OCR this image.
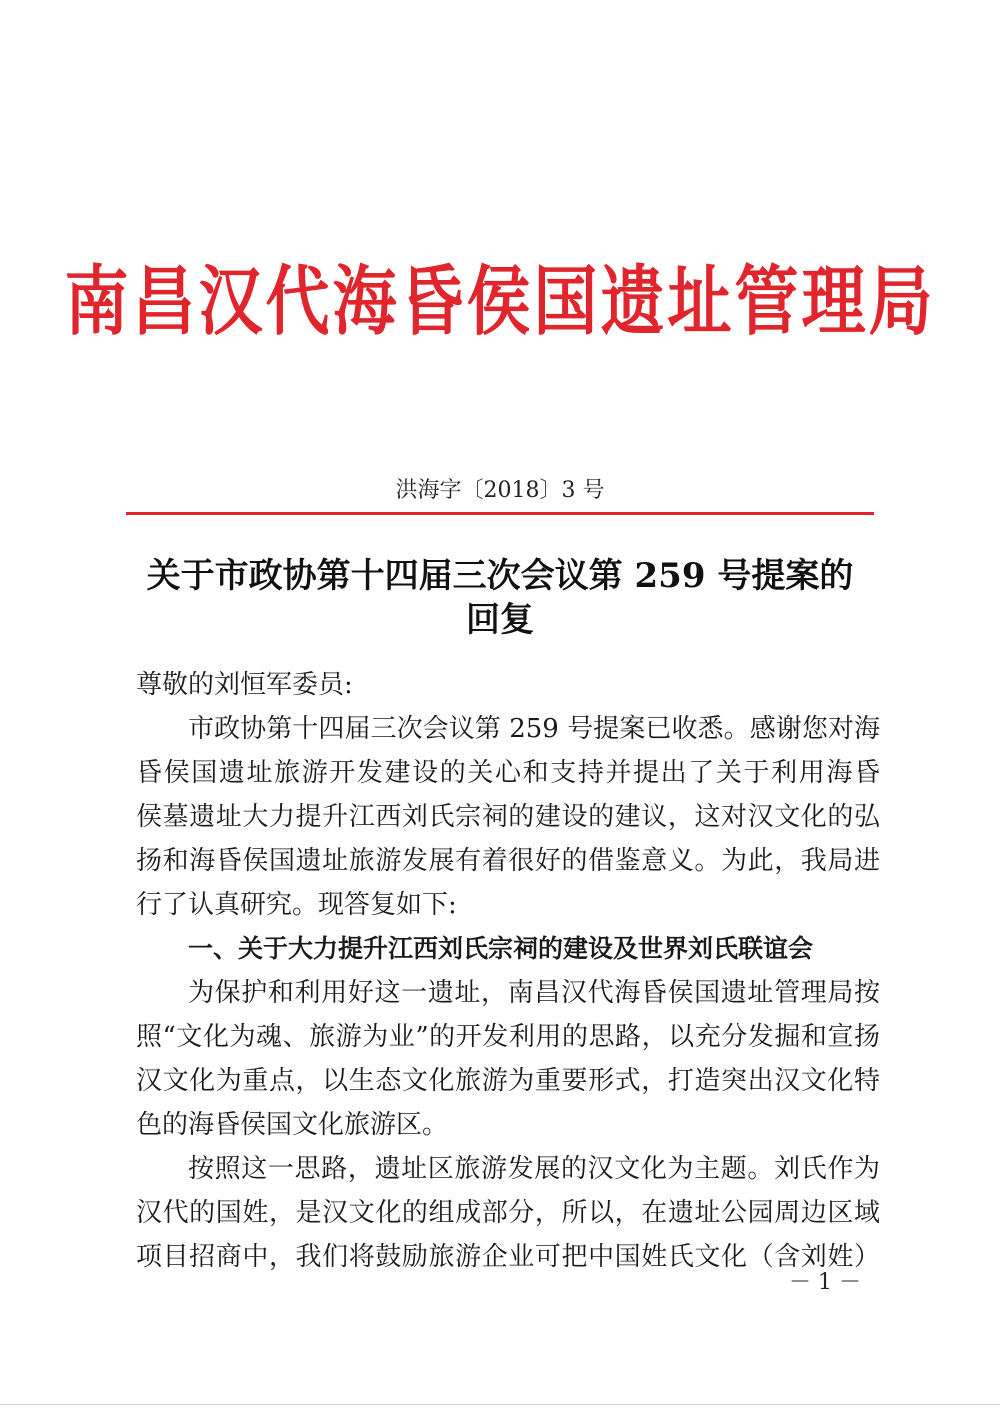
南昌汉代海昏侯国遗址管理局
洪海字〔2018〕3 号
关于市政协第十四届三次会议第 259 号提案的
回复
尊敬的刘恒军委员:
市政协第十四届三次会议第 259 号提案已收悉。感谢您对海
昏侯国遗址旅游开发建设的关心和支持并提出了关于利用海昏
侯墓遗址大力提升江西刘氏宗祠的建设的建议，这对汉文化的弘
扬和海昏侯国遗址旅游发展有着很好的借鉴意义。为此，我局进
行了认真研究。现答复如下:
一、关于大力提升江西刘氏宗祠的建设及世界刘氏联谊会
为保护和利用好这一遗址，南昌汉代海昏侯国遗址管理局按
照“文化为魂、旅游为业”的开发利用的思路，以充分发掘和宣扬
汉文化为重点，以生态文化旅游为重要形式，打造突出汉文化特
色的海昏侯国文化旅游区。
按照这一思路，遗址区旅游发展的汉文化为主题。刘氏作为
汉代的国姓，是汉文化的组成部分，所以，在遗址公园周边区域
项目招商中，我们将鼓励旅游企业可把中国姓氏文化（含刘姓）
－ 1 －
